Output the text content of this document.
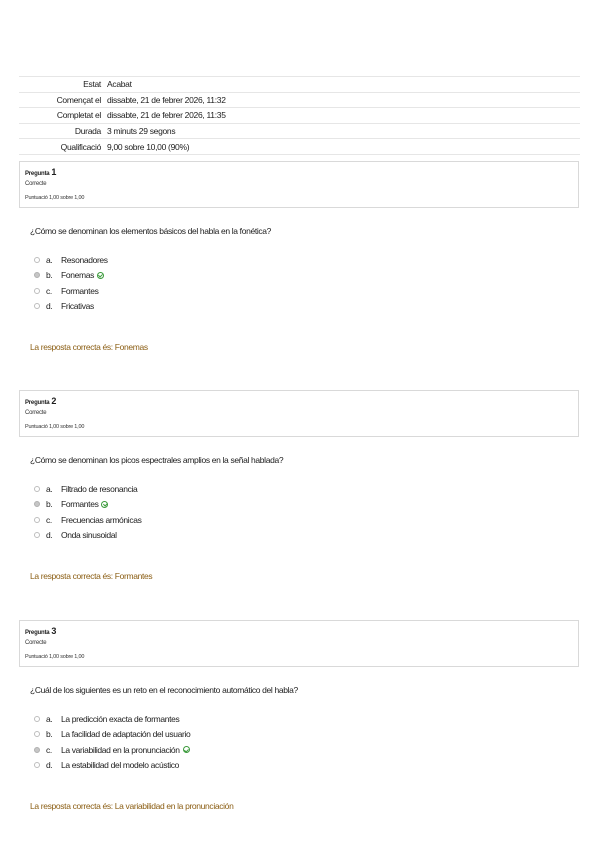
Estat	Acabat
Començat el	dissabte, 21 de febrer 2026, 11:32
Completat el	dissabte, 21 de febrer 2026, 11:35
Durada	3 minuts 29 segons
Qualificació	9,00 sobre 10,00 (90%)
Pregunta 1
Correcte
Puntuació 1,00 sobre 1,00
¿Cómo se denominan los elementos básicos del habla en la fonética?
a.	Resonadores
b.	Fonemas
c.	Formantes
d.	Fricativas
La resposta correcta és: Fonemas
Pregunta 2
Correcte
Puntuació 1,00 sobre 1,00
¿Cómo se denominan los picos espectrales amplios en la señal hablada?
a.	Filtrado de resonancia
b.	Formantes
c.	Frecuencias armónicas
d.	Onda sinusoidal
La resposta correcta és: Formantes
Pregunta 3
Correcte
Puntuació 1,00 sobre 1,00
¿Cuál de los siguientes es un reto en el reconocimiento automático del habla?
a.	La predicción exacta de formantes
b.	La facilidad de adaptación del usuario
c.	La variabilidad en la pronunciación
d.	La estabilidad del modelo acústico
La resposta correcta és: La variabilidad en la pronunciación
